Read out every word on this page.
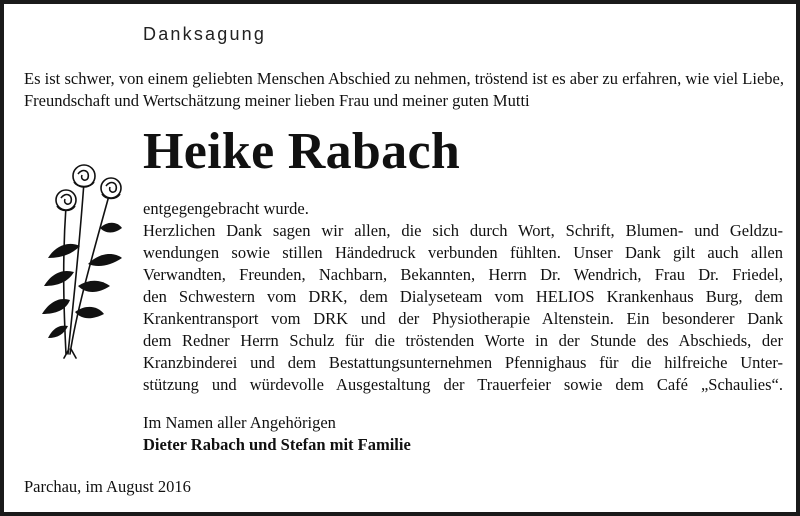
Danksagung
Es ist schwer, von einem geliebten Menschen Abschied zu nehmen, tröstend ist es aber zu erfahren, wie viel Liebe, Freundschaft und Wertschätzung meiner lieben Frau und meiner guten Mutti
Heike Rabach
entgegengebracht wurde.
Herzlichen Dank sagen wir allen, die sich durch Wort, Schrift, Blumen- und Geldzu-
wendungen sowie stillen Händedruck verbunden fühlten. Unser Dank gilt auch allen
Verwandten, Freunden, Nachbarn, Bekannten, Herrn Dr. Wendrich, Frau Dr. Friedel,
den Schwestern vom DRK, dem Dialyseteam vom HELIOS Krankenhaus Burg, dem
Krankentransport vom DRK und der Physiotherapie Altenstein. Ein besonderer Dank
dem Redner Herrn Schulz für die tröstenden Worte in der Stunde des Abschieds, der
Kranzbinderei und dem Bestattungsunternehmen Pfennighaus für die hilfreiche Unter-
stützung und würdevolle Ausgestaltung der Trauerfeier sowie dem Café „Schaulies“.
Im Namen aller Angehörigen
Dieter Rabach und Stefan mit Familie
Parchau, im August 2016
